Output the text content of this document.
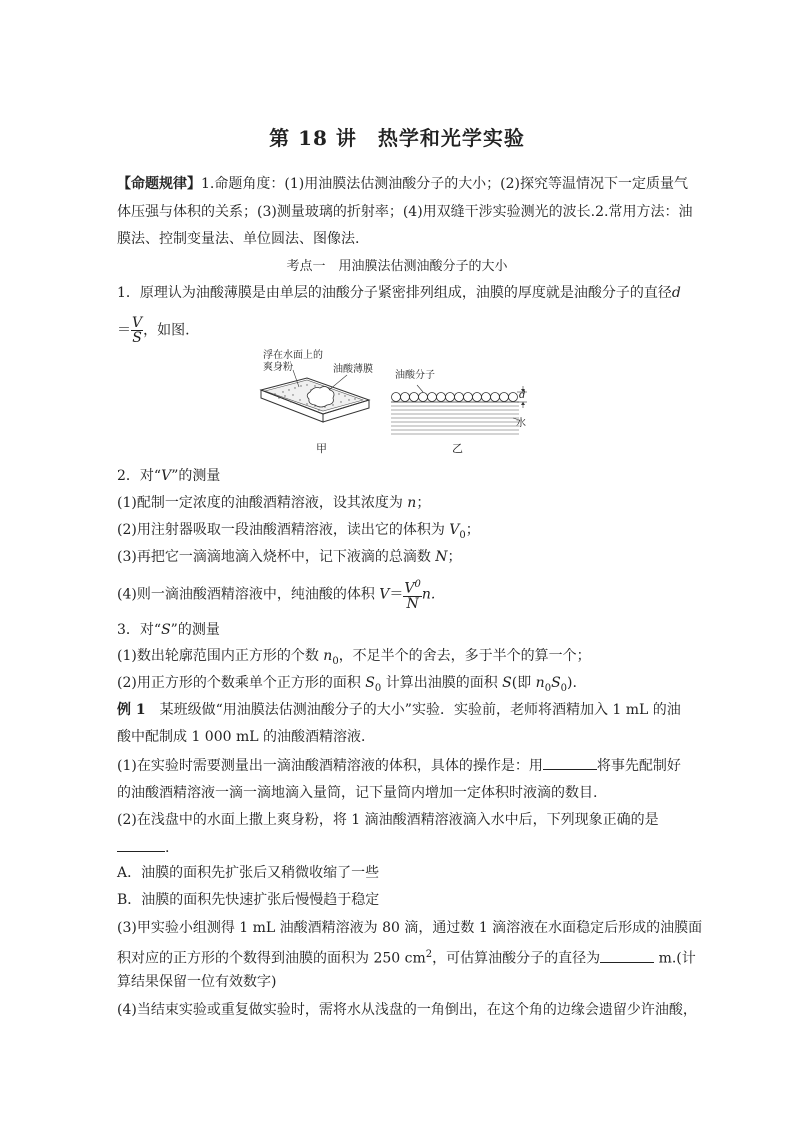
第 18 讲　热学和光学实验
【命题规律】1.命题角度：(1)用油膜法估测油酸分子的大小；(2)探究等温情况下一定质量气
体压强与体积的关系；(3)测量玻璃的折射率；(4)用双缝干涉实验测光的波长.2.常用方法：油
膜法、控制变量法、单位圆法、图像法.
考点一　用油膜法估测油酸分子的大小
1．原理认为油酸薄膜是由单层的油酸分子紧密排列组成，油膜的厚度就是油酸分子的直径d
＝ $\frac{V}{S}$ ，如图.
浮在水面上的
爽身粉	油酸薄膜
油酸分子
d
水
甲	乙
2．对“V”的测量
(1)配制一定浓度的油酸酒精溶液，设其浓度为 n；
(2)用注射器吸取一段油酸酒精溶液，读出它的体积为 $V_0$；
(3)再把它一滴滴地滴入烧杯中，记下液滴的总滴数 N；
(4)则一滴油酸酒精溶液中，纯油酸的体积 $V= \frac{V^0}{N} n$.
3．对“S”的测量
(1)数出轮廓范围内正方形的个数 $n_0$，不足半个的舍去，多于半个的算一个；
(2)用正方形的个数乘单个正方形的面积 $S_0$ 计算出油膜的面积 S(即 $n_0S_0$).
例 1　某班级做“用油膜法估测油酸分子的大小”实验．实验前，老师将酒精加入 1 mL 的油
酸中配制成 1 000 mL 的油酸酒精溶液．
(1)在实验时需要测量出一滴油酸酒精溶液的体积，具体的操作是：用	将事先配制好
的油酸酒精溶液一滴一滴地滴入量筒，记下量筒内增加一定体积时液滴的数目.
(2)在浅盘中的水面上撒上爽身粉，将 1 滴油酸酒精溶液滴入水中后，下列现象正确的是
.
A．油膜的面积先扩张后又稍微收缩了一些
B．油膜的面积先快速扩张后慢慢趋于稳定
(3)甲实验小组测得 1 mL 油酸酒精溶液为 80 滴，通过数 1 滴溶液在水面稳定后形成的油膜面
积对应的正方形的个数得到油膜的面积为 250 $cm^2$，可估算油酸分子的直径为	m.(计
算结果保留一位有效数字)
(4)当结束实验或重复做实验时，需将水从浅盘的一角倒出，在这个角的边缘会遗留少许油酸，
